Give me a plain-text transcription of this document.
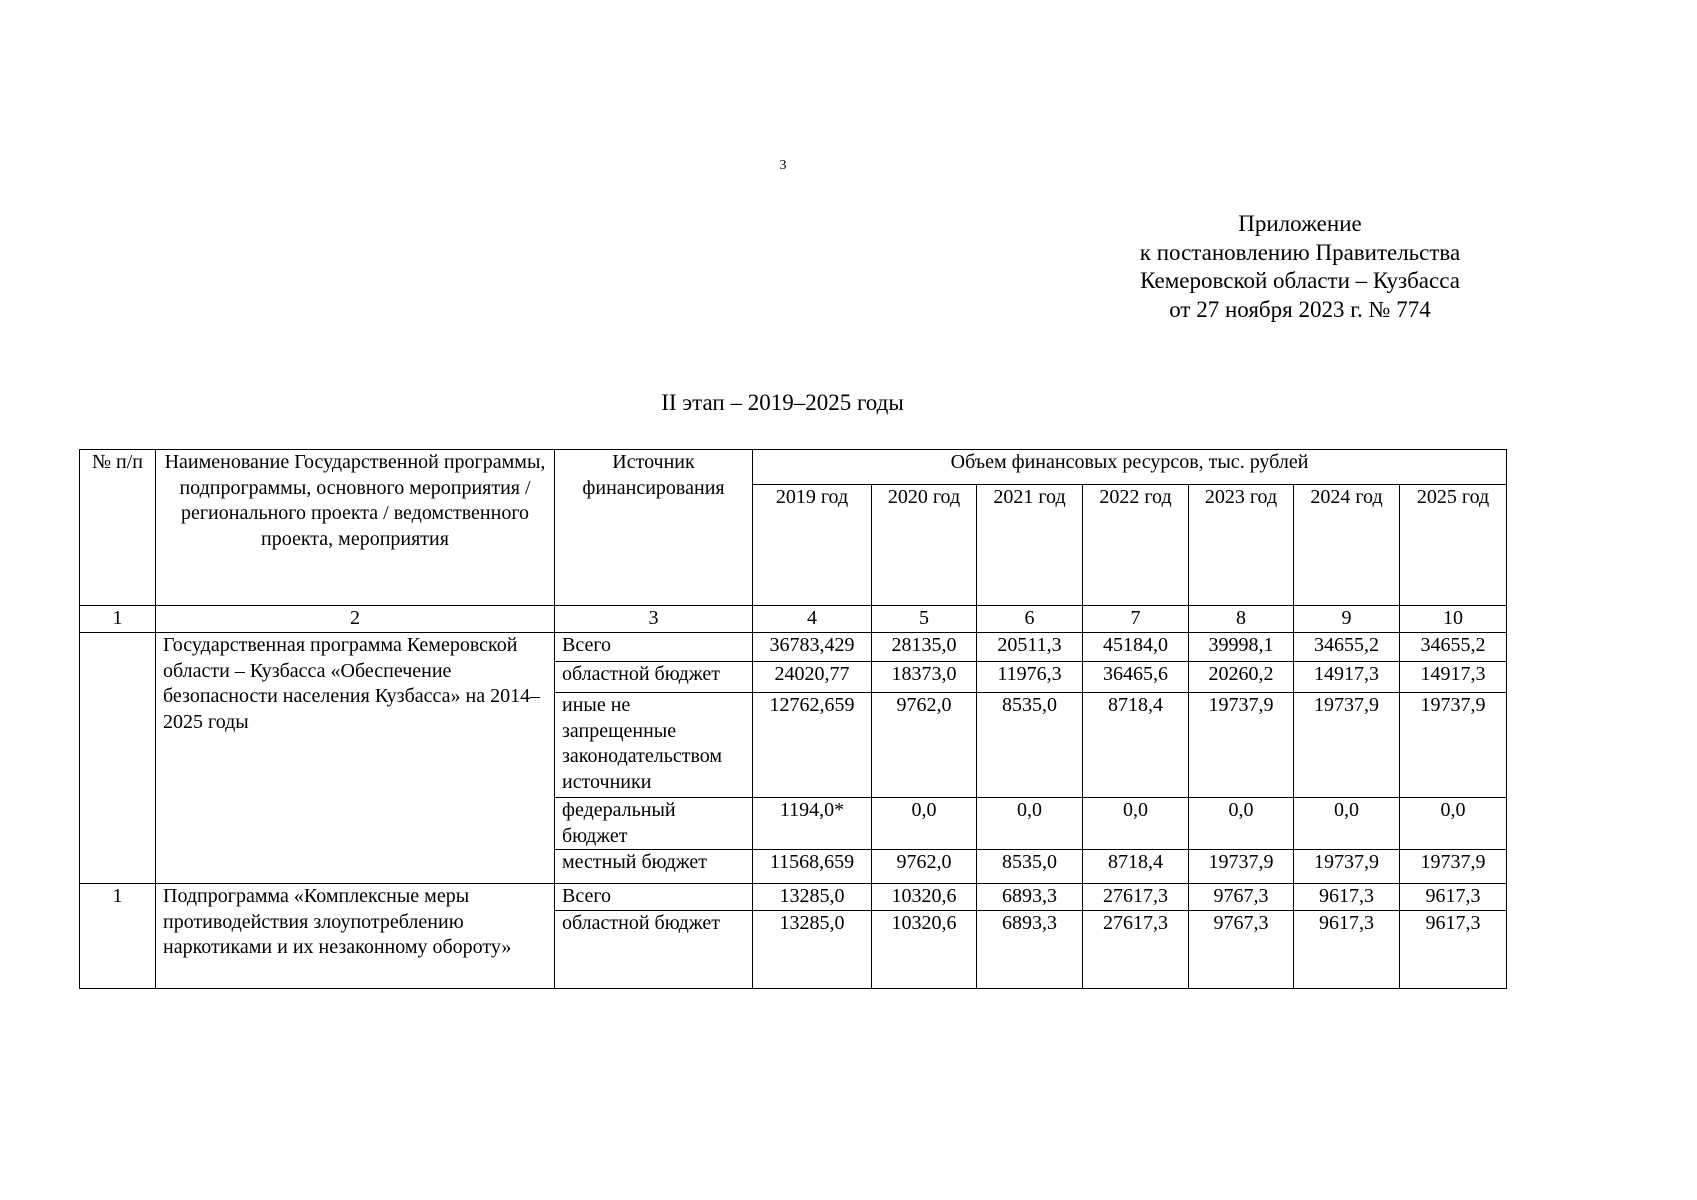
3
Приложение
к постановлению Правительства
Кемеровской области – Кузбасса
от 27 ноября 2023 г. № 774
II этап – 2019–2025 годы
№ п/п	Наименование Государственной программы, подпрограммы, основного мероприятия / регионального проекта / ведомственного проекта, мероприятия	Источник финансирования	Объем финансовых ресурсов, тыс. рублей						
			2019 год	2020 год	2021 год	2022 год	2023 год	2024 год	2025 год
1	2	3	4	5	6	7	8	9	10
	Государственная программа Кемеровской области – Кузбасса «Обеспечение безопасности населения Кузбасса» на 2014–2025 годы	Всего	36783,429	28135,0	20511,3	45184,0	39998,1	34655,2	34655,2
		областной бюджет	24020,77	18373,0	11976,3	36465,6	20260,2	14917,3	14917,3
		иные не запрещенные законодательством источники	12762,659	9762,0	8535,0	8718,4	19737,9	19737,9	19737,9
		федеральный бюджет	1194,0*	0,0	0,0	0,0	0,0	0,0	0,0
		местный бюджет	11568,659	9762,0	8535,0	8718,4	19737,9	19737,9	19737,9
1	Подпрограмма «Комплексные меры противодействия злоупотреблению наркотиками и их незаконному обороту»	Всего	13285,0	10320,6	6893,3	27617,3	9767,3	9617,3	9617,3
		областной бюджет	13285,0	10320,6	6893,3	27617,3	9767,3	9617,3	9617,3
